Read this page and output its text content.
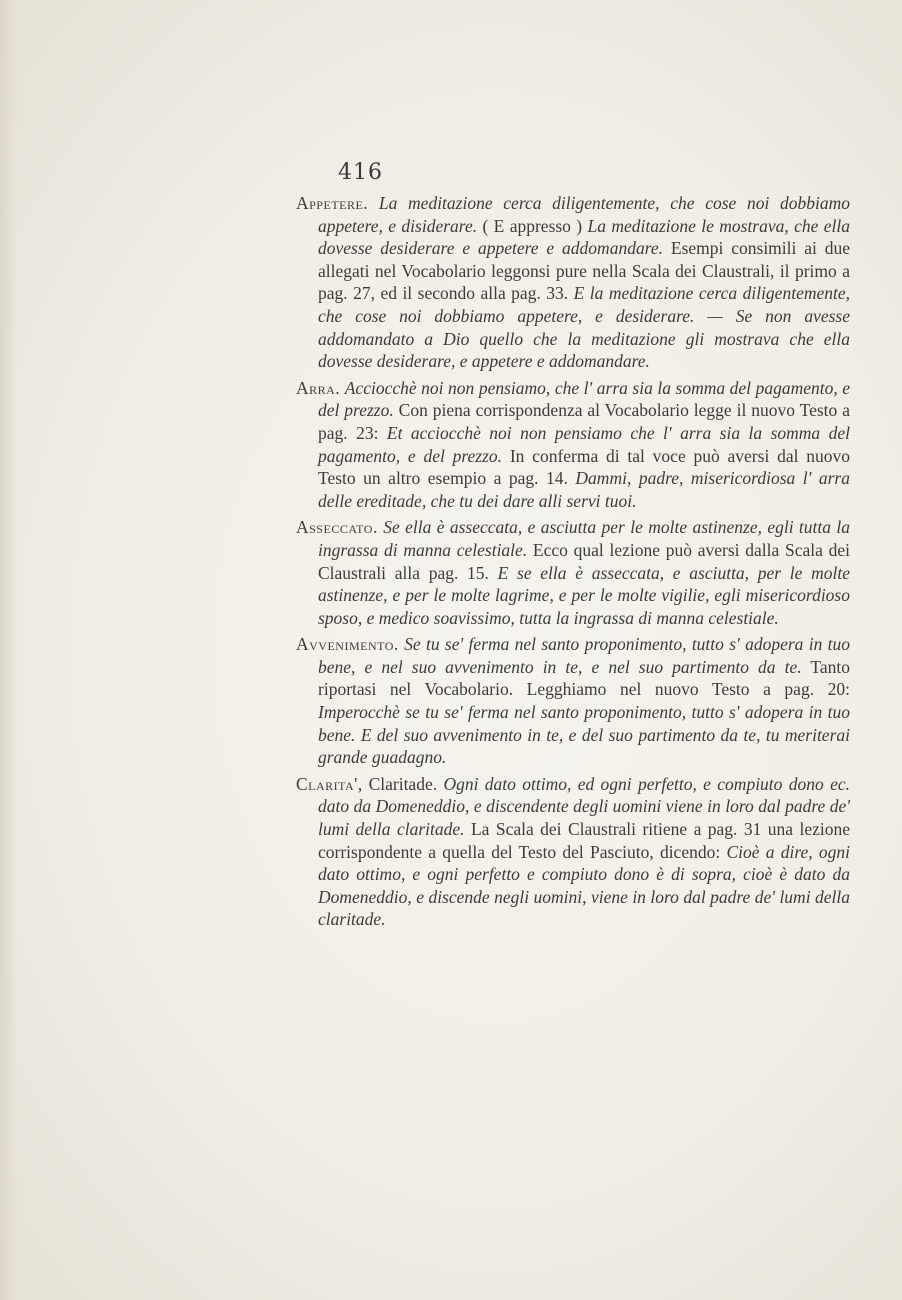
416

Appetere. La meditazione cerca diligentemente, che cose noi dobbiamo appetere, e disiderare. ( E appresso ) La meditazione le mostrava, che ella dovesse desiderare e appetere e addomandare. Esempi consimili ai due allegati nel Vocabolario leggonsi pure nella Scala dei Claustrali, il primo a pag. 27, ed il secondo alla pag. 33. E la meditazione cerca diligentemente, che cose noi dobbiamo appetere, e desiderare. — Se non avesse addomandato a Dio quello che la meditazione gli mostrava che ella dovesse desiderare, e appetere e addomandare.

Arra. Acciocchè noi non pensiamo, che l' arra sia la somma del pagamento, e del prezzo. Con piena corrispondenza al Vocabolario legge il nuovo Testo a pag. 23: Et acciocchè noi non pensiamo che l' arra sia la somma del pagamento, e del prezzo. In conferma di tal voce può aversi dal nuovo Testo un altro esempio a pag. 14. Dammi, padre, misericordiosa l' arra delle ereditade, che tu dei dare alli servi tuoi.

Asseccato. Se ella è asseccata, e asciutta per le molte astinenze, egli tutta la ingrassa di manna celestiale. Ecco qual lezione può aversi dalla Scala dei Claustrali alla pag. 15. E se ella è asseccata, e asciutta, per le molte astinenze, e per le molte lagrime, e per le molte vigilie, egli misericordioso sposo, e medico soavissimo, tutta la ingrassa di manna celestiale.

Avvenimento. Se tu se' ferma nel santo proponimento, tutto s' adopera in tuo bene, e nel suo avvenimento in te, e nel suo partimento da te. Tanto riportasi nel Vocabolario. Legghiamo nel nuovo Testo a pag. 20: Imperocchè se tu se' ferma nel santo proponimento, tutto s' adopera in tuo bene. E del suo avvenimento in te, e del suo partimento da te, tu meriterai grande guadagno.

Clarita', Claritade. Ogni dato ottimo, ed ogni perfetto, e compiuto dono ec. dato da Domeneddio, e discendente degli uomini viene in loro dal padre de' lumi della claritade. La Scala dei Claustrali ritiene a pag. 31 una lezione corrispondente a quella del Testo del Pasciuto, dicendo: Cioè a dire, ogni dato ottimo, e ogni perfetto e compiuto dono è di sopra, cioè è dato da Domeneddio, e discende negli uomini, viene in loro dal padre de' lumi della claritade.
